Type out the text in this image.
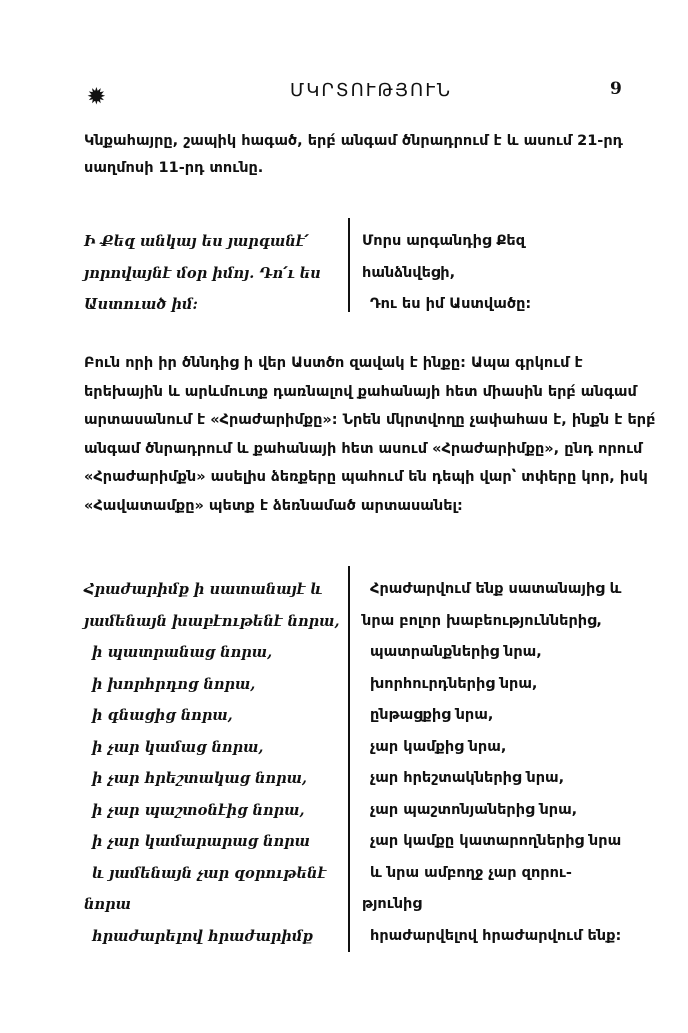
✹	ՄԿՐՏՈՒԹՅՈՒՆ	9
Կնքահայրը, շապիկ հագած, երբ́ անգամ ծնրադրում է և ասում 21-րդ
սաղմոսի 11-րդ տունը.
Ի Քեզ անկայ ես յարգանէ՛
յորովայնէ մօր իմոյ. Դո՛ւ ես
Աստուած իմ:
Մորս արգանդից Քեզ
հանձնվեցի,
Դու ես իմ Աստվածը:
Բուն որի իր ծննդից ի վեր Աստծո զավակ է ինքը: Ապա գրկում է
երեխային և արևմուտք դառնալով քահանայի հետ միասին երբ́ անգամ
արտասանում է «Հրաժարիմքը»: Նրեն մկրտվողը չափահաս է, ինքն է երբ́
անգամ ծնրադրում և քահանայի հետ ասում «Հրաժարիմքը», ընդ որում
«Հրաժարիմքն» ասելիս ձեռքերը պահում են դեպի վար՝ տփերը կոր, իսկ
«Հավատամքը» պետք է ձեռնամած արտասանել:
Հրաժարիմք ի սատանայէ և
յամենայն խաբէութենէ նորա,
ի պատրանաց նորա,
ի խորհրդոց նորա,
ի գնացից նորա,
ի չար կամաց նորա,
ի չար հրեշտակաց նորա,
ի չար պաշտօնէից նորա,
ի չար կամարարաց նորա
և յամենայն չար զօրութենէ
նորա
հրաժարելով հրաժարիմք
Հրաժարվում ենք սատանայից և
նրա բոլոր խաբեություններից,
պատրանքներից նրա,
խորհուրդներից նրա,
ընթացքից նրա,
չար կամքից նրա,
չար հրեշտակներից նրա,
չար պաշտոնյաներից նրա,
չար կամքը կատարողներից նրա
և նրա ամբողջ չար զորու-
թյունից
հրաժարվելով հրաժարվում ենք:
